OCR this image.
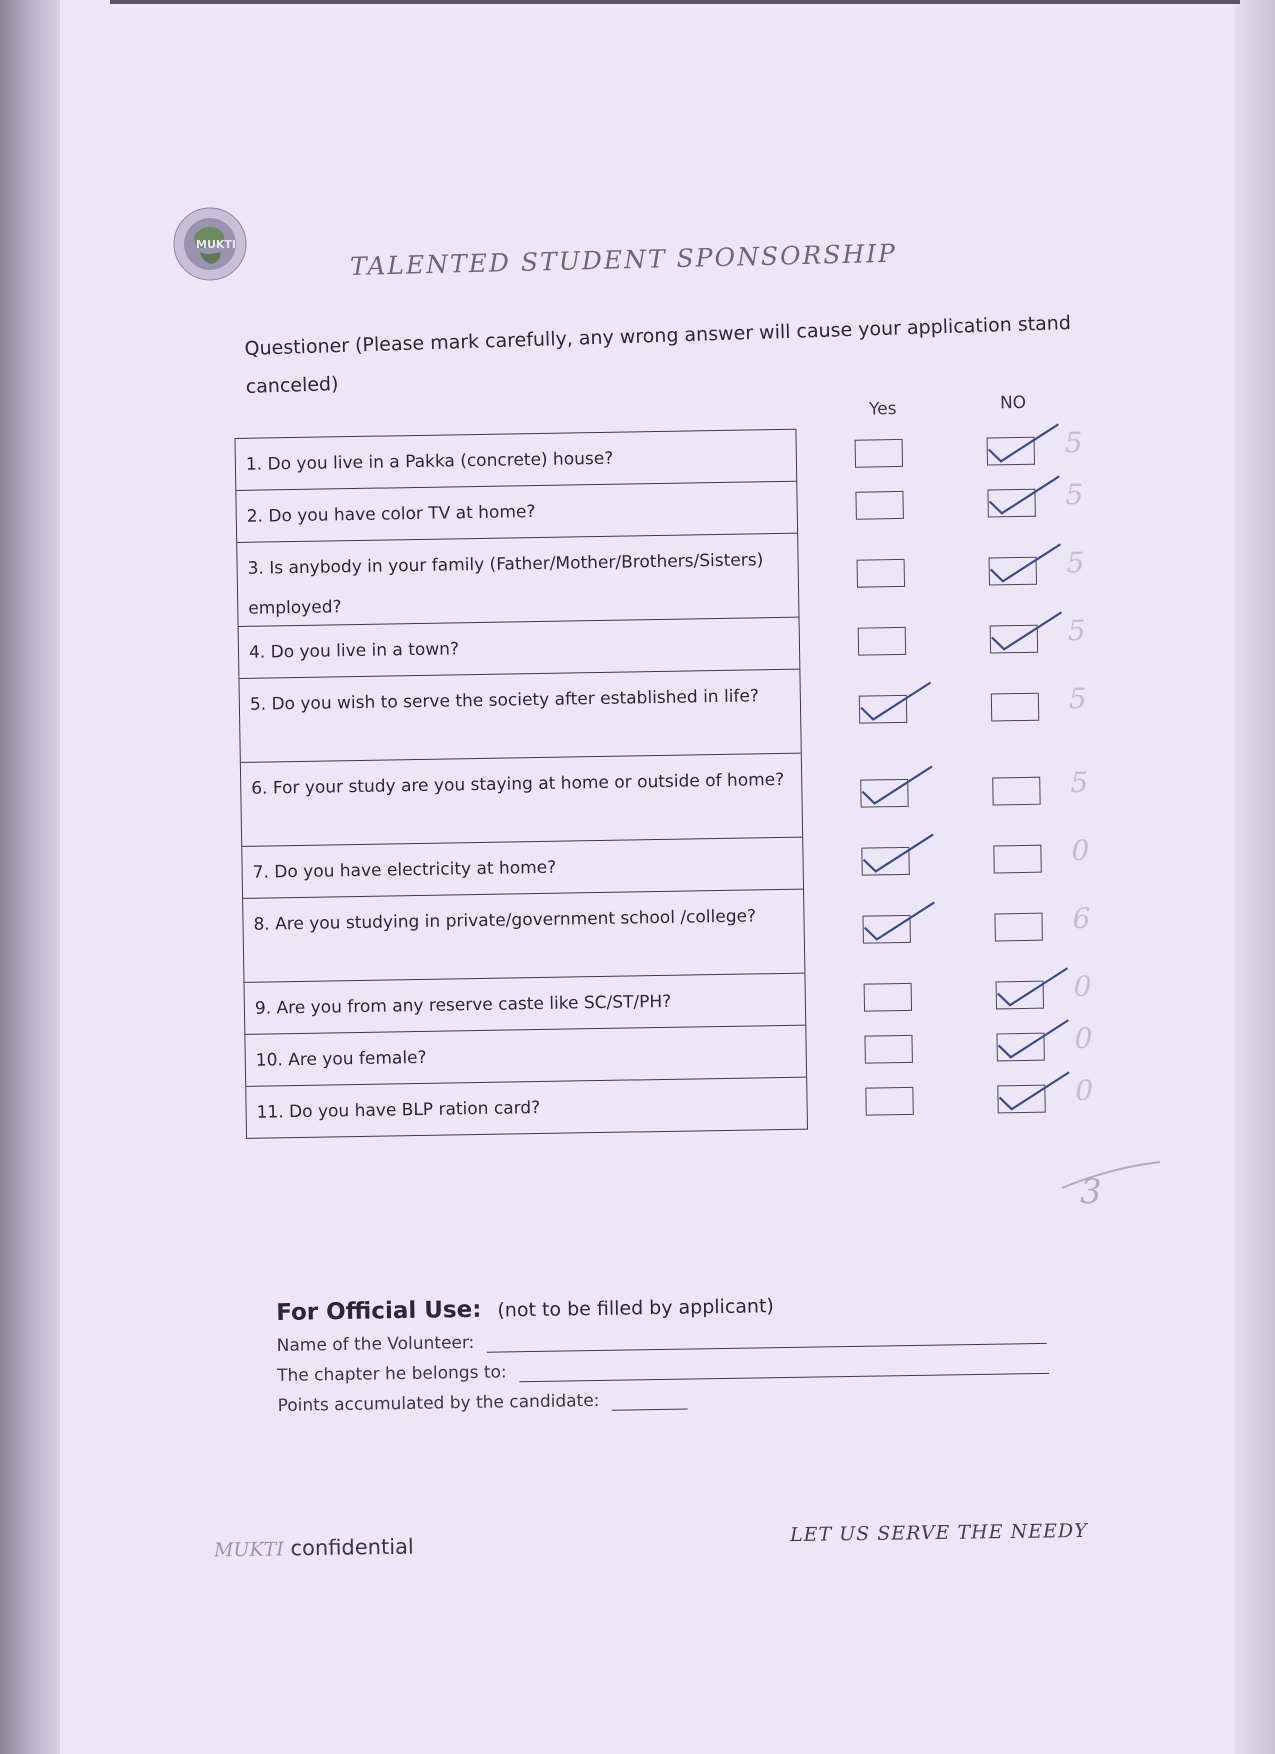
MUKTI	TALENTED STUDENT SPONSORSHIP
Questioner (Please mark carefully, any wrong answer will cause your application stand canceled)
Yes	NO
1. Do you live in a Pakka (concrete) house?
2. Do you have color TV at home?
3. Is anybody in your family (Father/Mother/Brothers/Sisters) employed?
4. Do you live in a town?
5. Do you wish to serve the society after established in life?
6. For your study are you staying at home or outside of home?
7. Do you have electricity at home?
8. Are you studying in private/government school /college?
9. Are you from any reserve caste like SC/ST/PH?
10. Are you female?
11. Do you have BLP ration card?
5
5
5
5
5
5
0
6
0
0
0
3
For Official Use: (not to be filled by applicant)
Name of the Volunteer:
The chapter he belongs to:
Points accumulated by the candidate:
MUKTI confidential
LET US SERVE THE NEEDY
